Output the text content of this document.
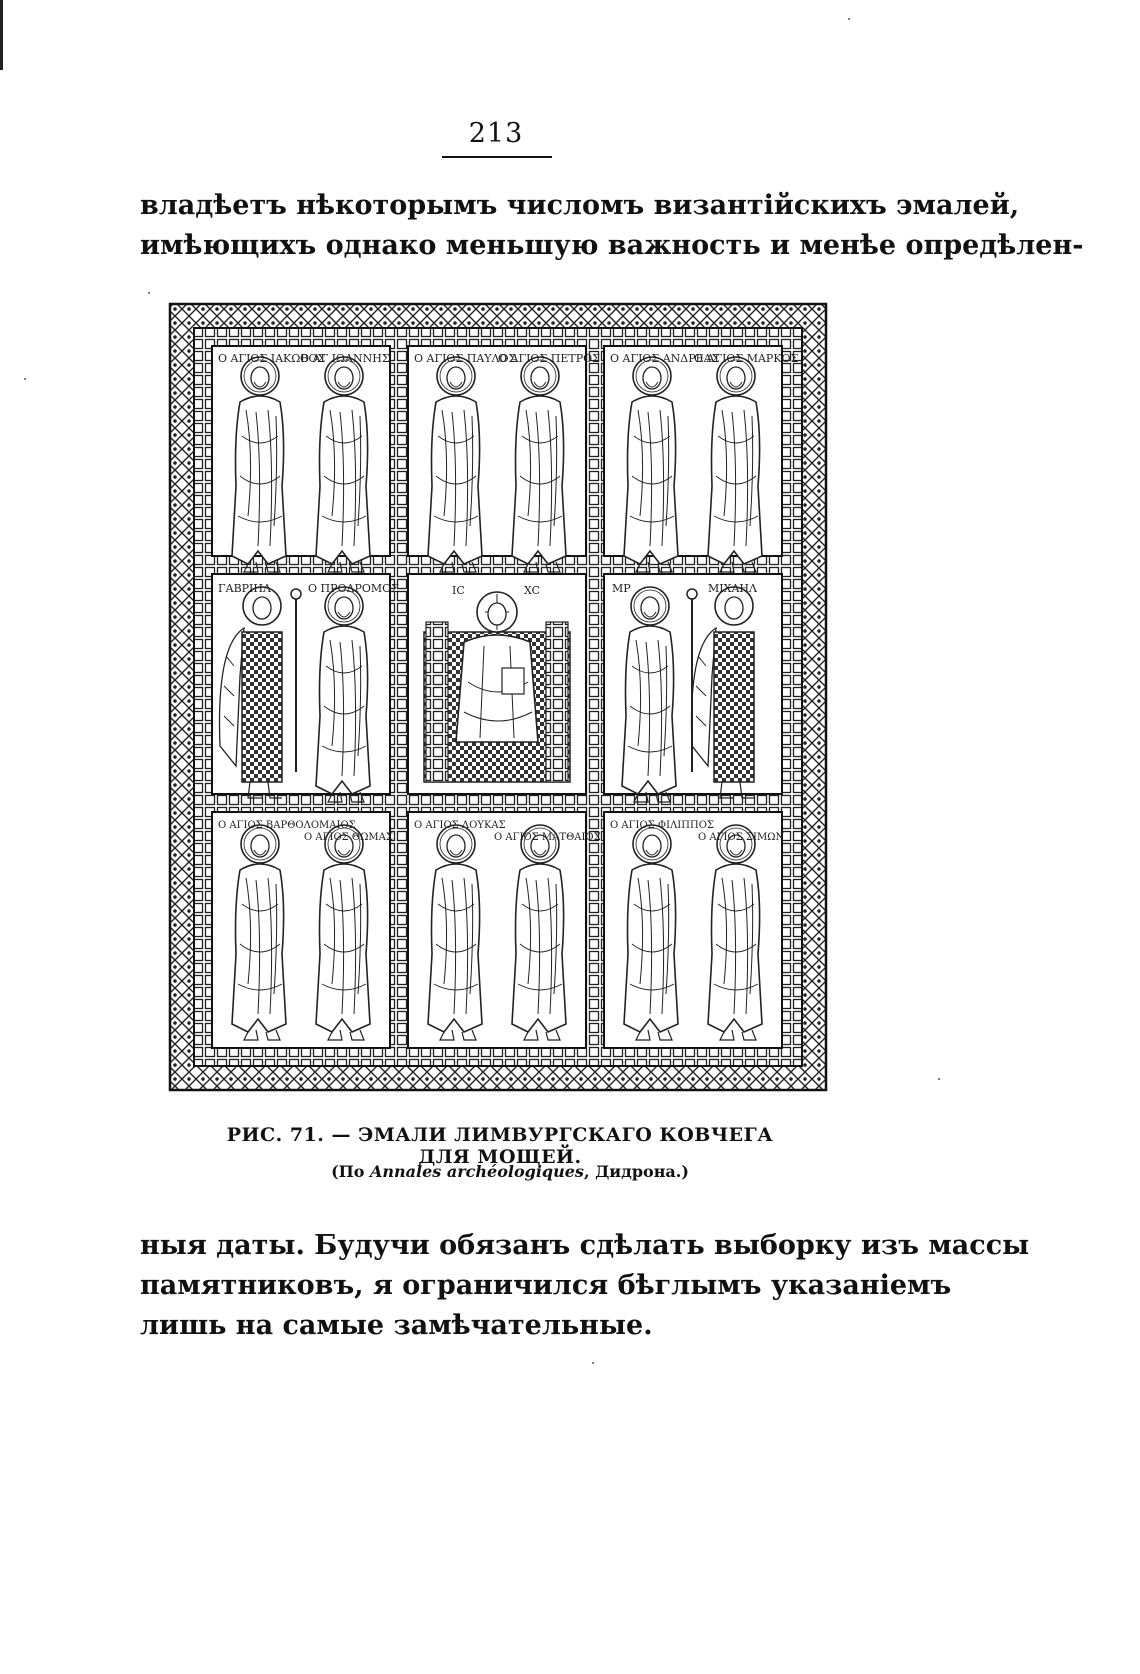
213
владѣетъ нѣкоторымъ числомъ византійскихъ эмалей,
имѣющихъ однако меньшую важность и менѣе опредѣлен-
Ο ΑΓΙΟΣ ΙΑΚΩΒΟΣ
Ο ΑΓ ΙΩΑΝΝΗΣ Ο ΑΓΙΟΣ ΠΑΥΛΟΣ
Ο ΑΓΙΟΣ ΠΕΤΡΟΣ Ο ΑΓΙΟΣ ΑΝΔΡΕΑΣ
Ο ΑΓΙΟΣ ΜΑΡΚΟΣ
ΓΑΒΡΙΗΛ	Ο ΠΡΟΔΡΟΜΟΣ	IC	XC	ΜΡ	ΜΙΧΑΗΛ
Ο ΑΓΙΟΣ ΒΑΡΘΟΛΟΜΑΙΟΣ
Ο ΑΓΙΟΣ ΘΩΜΑΣ
Ο ΑΓΙΟΣ ΛΟΥΚΑΣ
Ο ΑΓΙΟΣ ΜΑΤΘΑΙΟΣ
Ο ΑΓΙΟΣ ΦΙΛΙΠΠΟΣ
Ο ΑΓΙΟΣ ΣΙΜΩΝ
РИС. 71. — ЭМАЛИ ЛИМВУРГСКАГО КОВЧЕГА ДЛЯ МОЩЕЙ.
(По Annales archéologiques, Дидрона.)
ныя даты. Будучи обязанъ сдѣлать выборку изъ массы
памятниковъ, я ограничился бѣглымъ указаніемъ
лишь на самые замѣчательные.
